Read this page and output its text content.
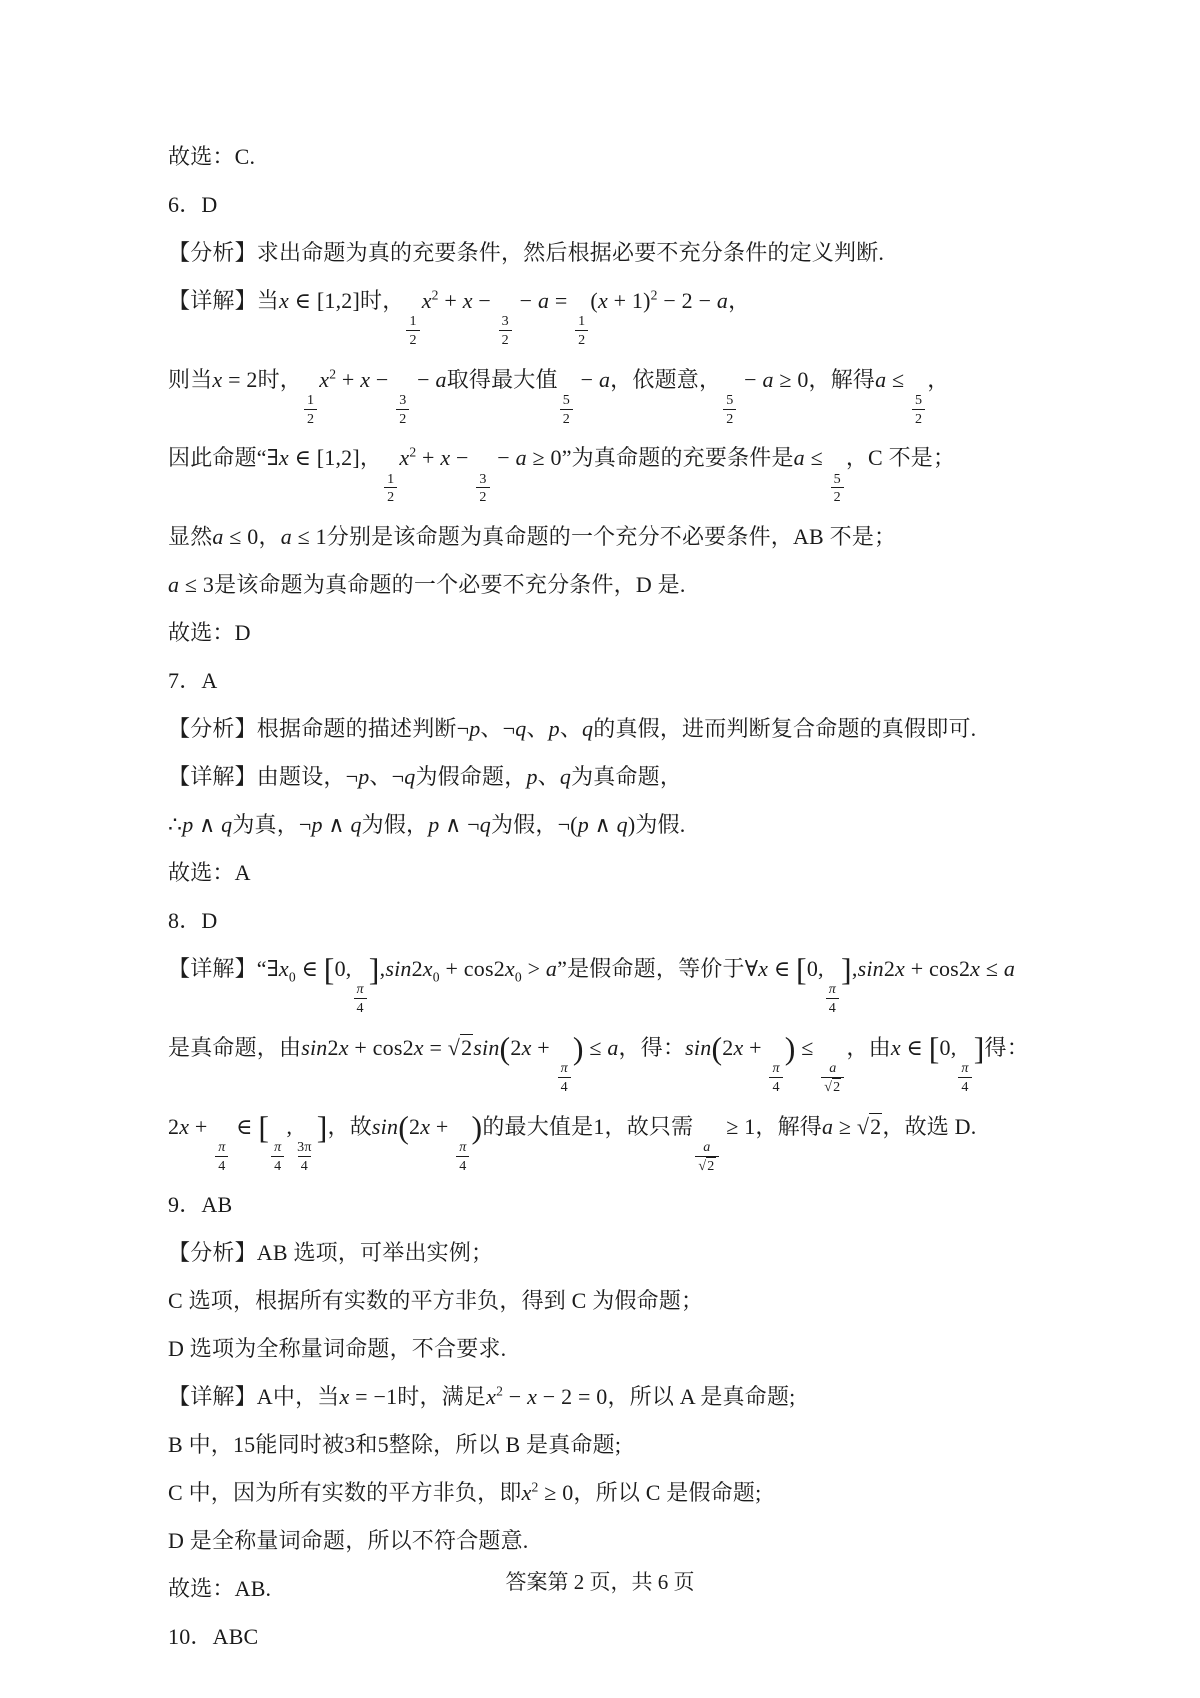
故选：C.

6．D

【分析】求出命题为真的充要条件，然后根据必要不充分条件的定义判断.

【详解】当x ∈ [1,2]时，
$\frac{1}{2}$
$x^2 + x$ −
$\frac{3}{2}$
− a =
$\frac{1}{2}$
$(x + 1)^2 - 2 - a$，

则当x = 2时，
$\frac{1}{2}$
$x^2 + x$ −
$\frac{3}{2}$
− a取得最大值
$\frac{5}{2}$
− a，依题意，
$\frac{5}{2}$
− a ≥ 0，解得a ≤
$\frac{5}{2}$
，

因此命题“∃x ∈ [1,2]，
$\frac{1}{2}$
$x^2 + x$ −
$\frac{3}{2}$
− a ≥ 0”为真命题的充要条件是a ≤
$\frac{5}{2}$
，C 不是；

显然a ≤ 0，a ≤ 1分别是该命题为真命题的一个充分不必要条件，AB 不是；

a ≤ 3是该命题为真命题的一个必要不充分条件，D 是.

故选：D

7．A

【分析】根据命题的描述判断¬p、¬q、p、q的真假，进而判断复合命题的真假即可.

【详解】由题设，¬p、¬q为假命题，p、q为真命题，

∴p ∧ q为真，¬p ∧ q为假，p ∧ ¬q为假，¬(p ∧ q)为假.

故选：A

8．D

【详解】“$\exists x_0$ ∈ [0,
$\frac{\pi}{4}$
]$,\sin 2x_0 + \cos 2x_0 > a$”是假命题，等价于∀x ∈ [0,
$\frac{\pi}{4}$
],sin2x + cos2x ≤ a

是真命题，由sin2x + cos2x = √2sin(2x +
$\frac{\pi}{4}$
) ≤ a，得：sin(2x +
$\frac{\pi}{4}$
) ≤
$\frac{a}{√2}$
，由x ∈ [0,
$\frac{\pi}{4}$
]得：

2x +
$\frac{\pi}{4}$
∈ [
$\frac{\pi}{4}$
,
$\frac{3\pi}{4}$
]，故sin(2x +
$\frac{\pi}{4}$
)的最大值是1，故只需
$\frac{a}{√2}$
≥ 1，解得a ≥ √2，故选 D.

9．AB

【分析】AB 选项，可举出实例；

C 选项，根据所有实数的平方非负，得到 C 为假命题；

D 选项为全称量词命题，不合要求.

【详解】A中，当x = −1时，满足$x^2 - x - 2 = 0$，所以 A 是真命题;

B 中，15能同时被3和5整除，所以 B 是真命题;

C 中，因为所有实数的平方非负，即$x^2 \ge 0$，所以 C 是假命题;

D 是全称量词命题，所以不符合题意.

故选：AB.

10．ABC

答案第 2 页，共 6 页
